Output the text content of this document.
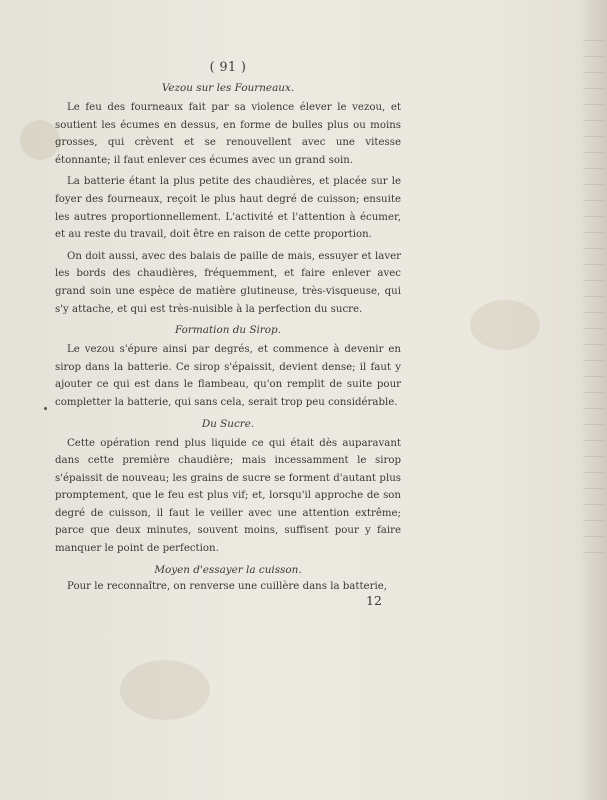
( 91 )
Vezou sur les Fourneaux.
Le feu des fourneaux fait par sa violence élever le vezou, et soutient les écumes en dessus, en forme de bulles plus ou moins grosses, qui crèvent et se renouvellent avec une vitesse étonnante; il faut enlever ces écumes avec un grand soin.
La batterie étant la plus petite des chaudières, et placée sur le foyer des fourneaux, reçoit le plus haut degré de cuisson; ensuite les autres proportionnellement. L'activité et l'attention à écumer, et au reste du travail, doit être en raison de cette proportion.
On doit aussi, avec des balais de paille de mais, essuyer et laver les bords des chaudières, fréquemment, et faire enlever avec grand soin une espèce de matière glutineuse, très-visqueuse, qui s'y attache, et qui est très-nuisible à la perfection du sucre.
Formation du Sirop.
Le vezou s'épure ainsi par degrés, et commence à devenir en sirop dans la batterie. Ce sirop s'épaissit, devient dense; il faut y ajouter ce qui est dans le flambeau, qu'on remplit de suite pour completter la batterie, qui sans cela, serait trop peu considérable.
Du Sucre.
Cette opération rend plus liquide ce qui était dès auparavant dans cette première chaudière; mais incessamment le sirop s'épaissit de nouveau; les grains de sucre se forment d'autant plus promptement, que le feu est plus vif; et, lorsqu'il approche de son degré de cuisson, il faut le veiller avec une attention extrême; parce que deux minutes, souvent moins, suffisent pour y faire manquer le point de perfection.
Moyen d'essayer la cuisson.
Pour le reconnaître, on renverse une cuillère dans la batterie,
12
